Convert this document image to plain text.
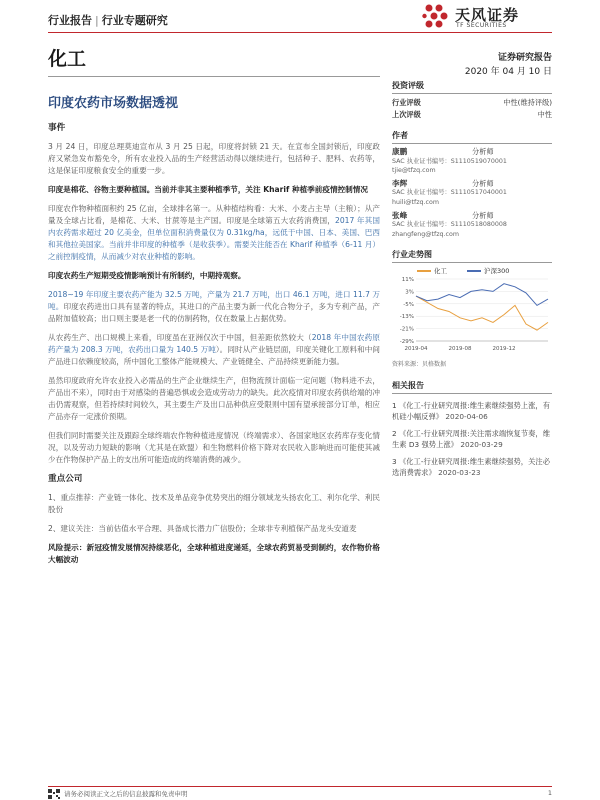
行业报告 | 行业专题研究	天风证券
TF SECURITIES
化工	证券研究报告
2020 年 04 月 10 日
印度农药市场数据透视
事件

3 月 24 日，印度总理莫迪宣布从 3 月 25 日起，印度将封锁 21 天。在宣布全国封锁后，印度政府又紧急发布豁免令，所有农业投入品的生产经营活动得以继续进行，包括种子、肥料、农药等，这是保证印度粮食安全的重要一步。

印度是棉花、谷物主要种植国。当前并非其主要种植季节，关注 Kharif 种植季前疫情控制情况

印度农作物种植面积约 25 亿亩，全球排名第一。从种植结构看：大米、小麦占主导（主粮）；从产量及全球占比看，是棉花、大米、甘蔗等是主产国。印度是全球第五大农药消费国，2017 年其国内农药需求超过 20 亿美金，但单位面积消费量仅为 0.31kg/ha，远低于中国、日本、美国、巴西和其他拉美国家。当前并非印度的种植季（是收获季）。需要关注能否在 Kharif 种植季（6-11 月）之前控制疫情，从而减少对农业种植的影响。

印度农药生产短期受疫情影响预计有所制约，中期持观察。

2018~19 年印度主要农药产能为 32.5 万吨，产量为 21.7 万吨，出口 46.1 万吨，进口 11.7 万吨。印度农药进出口具有显著的特点，其进口的产品主要为新一代化合物分子，多为专利产品，产品附加值较高；出口则主要是老一代的仿制药物，仅在数量上占据优势。

从农药生产、出口规模上来看，印度虽在亚洲仅次于中国，但差距依然较大（2018 年中国农药原药产量为 208.3 万吨，农药出口量为 140.5 万吨）。同时从产业链层面，印度关键化工原料和中间产品进口依赖度较高，所中国化工整体产能规模大、产业链健全、产品持续更新能力强。

虽然印度政府允许农业投入必需品的生产企业继续生产，但物流预计面临一定问题（物料进不去，产品出不来），同时由于对感染的普遍恐惧或会造成劳动力的缺失。此次疫情对印度农药供给端的冲击仍需观察，但若持续时间较久，其主要生产及出口品种供应受限则中国有望承接部分订单，相应产品亦存一定涨价预期。

但我们同时需要关注及跟踪全球终端农作物种植进度情况（终端需求）、各国家地区农药库存变化情况，以及劳动力短缺的影响（尤其是在欧盟）和生物燃料价格下降对农民收入影响进而可能使其减少在作物保护产品上的支出所可能造成的终端消费的减少。

重点公司

1、重点推荐：产业链一体化、技术及单品竞争优势突出的细分领域龙头扬农化工、利尔化学、利民股份

2、建议关注：当前估值水平合理、具备成长潜力广信股份；全球非专利植保产品龙头安道麦

风险提示：新冠疫情发展情况持续恶化，全球种植进度递延，全球农药贸易受到制约，农作物价格大幅波动

投资评级
行业评级	中性(维持评级)
上次评级	中性
作者
康鹏	分析师
SAC 执业证书编号：S1110519070001
tjie@tfzq.com
李辉	分析师
SAC 执业证书编号：S1110517040001
huili@tfzq.com
张峰	分析师
SAC 执业证书编号：S1110518080008
zhangfeng@tfzq.com
行业走势图
化工	沪深300
11%
3%
-5%
-13%
-21%
-29%
2019-04	2019-08	2019-12
资料来源：贝格数据
相关报告
1 《化工-行业研究周报:维生素继续强势上涨，有机硅小幅反弹》 2020-04-06
2 《化工-行业研究周报:关注需求端恢复节奏，维生素 D3 强势上涨》 2020-03-29
3 《化工-行业研究周报:维生素继续强势，关注必选消费需求》 2020-03-23
请务必阅读正文之后的信息披露和免责申明	1
